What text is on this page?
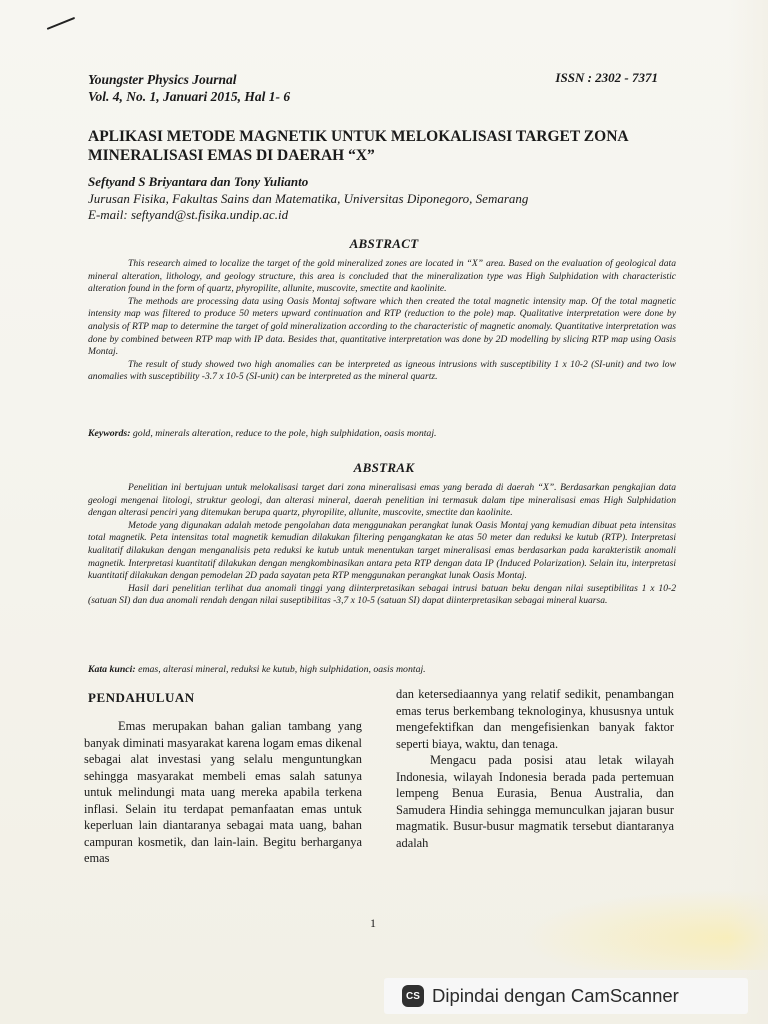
Youngster Physics Journal
Vol. 4, No. 1, Januari 2015, Hal 1- 6
ISSN : 2302 - 7371
APLIKASI METODE MAGNETIK UNTUK MELOKALISASI TARGET ZONA MINERALISASI EMAS DI DAERAH “X”
Seftyand S Briyantara dan Tony Yulianto
Jurusan Fisika, Fakultas Sains dan Matematika, Universitas Diponegoro, Semarang
E-mail: seftyand@st.fisika.undip.ac.id
ABSTRACT

This research aimed to localize the target of the gold mineralized zones are located in “X” area. Based on the evaluation of geological data mineral alteration, lithology, and geology structure, this area is concluded that the mineralization type was High Sulphidation with characteristic alteration found in the form of quartz, phyropilite, allunite, muscovite, smectite and kaolinite.

The methods are processing data using Oasis Montaj software which then created the total magnetic intensity map. Of the total magnetic intensity map was filtered to produce 50 meters upward continuation and RTP (reduction to the pole) map. Qualitative interpretation were done by analysis of RTP map to determine the target of gold mineralization according to the characteristic of magnetic anomaly. Quantitative interpretation was done by combined between RTP map with IP data. Besides that, quantitative interpretation was done by 2D modelling by slicing RTP map using Oasis Montaj.

The result of study showed two high anomalies can be interpreted as igneous intrusions with susceptibility 1 x 10-2 (SI-unit) and two low anomalies with susceptibility -3.7 x 10-5 (SI-unit) can be interpreted as the mineral quartz.

Keywords: gold, minerals alteration, reduce to the pole, high sulphidation, oasis montaj.
ABSTRAK

Penelitian ini bertujuan untuk melokalisasi target dari zona mineralisasi emas yang berada di daerah “X”. Berdasarkan pengkajian data geologi mengenai litologi, struktur geologi, dan alterasi mineral, daerah penelitian ini termasuk dalam tipe mineralisasi emas High Sulphidation dengan alterasi penciri yang ditemukan berupa quartz, phyropilite, allunite, muscovite, smectite dan kaolinite.

Metode yang digunakan adalah metode pengolahan data menggunakan perangkat lunak Oasis Montaj yang kemudian dibuat peta intensitas total magnetik. Peta intensitas total magnetik kemudian dilakukan filtering pengangkatan ke atas 50 meter dan reduksi ke kutub (RTP). Interpretasi kualitatif dilakukan dengan menganalisis peta reduksi ke kutub untuk menentukan target mineralisasi emas berdasarkan pada karakteristik anomali magnetik. Interpretasi kuantitatif dilakukan dengan mengkombinasikan antara peta RTP dengan data IP (Induced Polarization). Selain itu, interpretasi kuantitatif dilakukan dengan pemodelan 2D pada sayatan peta RTP menggunakan perangkat lunak Oasis Montaj.

Hasil dari penelitian terlihat dua anomali tinggi yang diinterpretasikan sebagai intrusi batuan beku dengan nilai suseptibilitas 1 x 10-2 (satuan SI) dan dua anomali rendah dengan nilai suseptibilitas -3,7 x 10-5 (satuan SI) dapat diinterpretasikan sebagai mineral kuarsa.

Kata kunci: emas, alterasi mineral, reduksi ke kutub, high sulphidation, oasis montaj.
PENDAHULUAN

Emas merupakan bahan galian tambang yang banyak diminati masyarakat karena logam emas dikenal sebagai alat investasi yang selalu menguntungkan sehingga masyarakat membeli emas salah satunya untuk melindungi mata uang mereka apabila terkena inflasi. Selain itu terdapat pemanfaatan emas untuk keperluan lain diantaranya sebagai mata uang, bahan campuran kosmetik, dan lain-lain. Begitu berharganya emas

dan ketersediaannya yang relatif sedikit, penambangan emas terus berkembang teknologinya, khususnya untuk mengefektifkan dan mengefisienkan banyak faktor seperti biaya, waktu, dan tenaga.

Mengacu pada posisi atau letak wilayah Indonesia, wilayah Indonesia berada pada pertemuan lempeng Benua Eurasia, Benua Australia, dan Samudera Hindia sehingga memunculkan jajaran busur magmatik. Busur-busur magmatik tersebut diantaranya adalah

1
CS Dipindai dengan CamScanner
